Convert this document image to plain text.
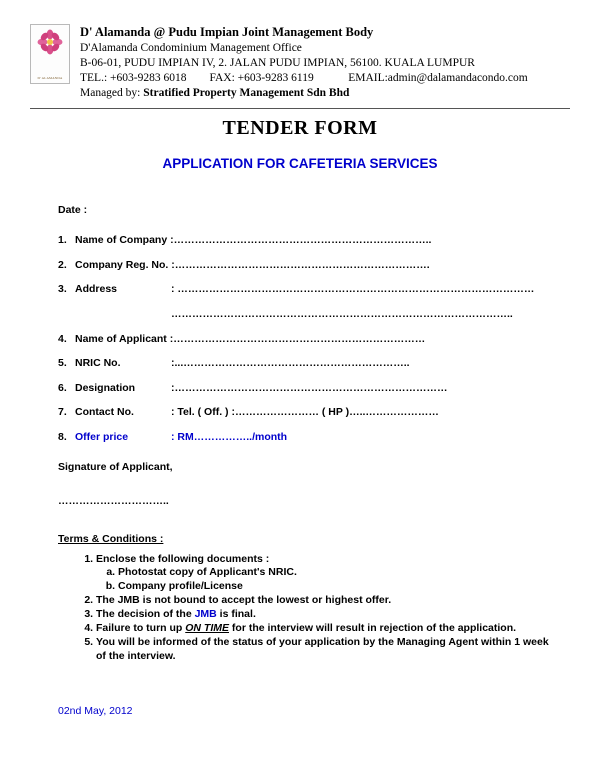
D' ALAMANDA
D' Alamanda @ Pudu Impian Joint Management Body
D'Alamanda Condominium Management Office
B-06-01, PUDU IMPIAN IV, 2. JALAN PUDU IMPIAN, 56100. KUALA LUMPUR
TEL.: +603-9283 6018        FAX: +603-9283 6119            EMAIL:admin@dalamandacondo.com
Managed by: Stratified Property Management Sdn Bhd
TENDER FORM
APPLICATION FOR CAFETERIA SERVICES
Date :
1. Name of Company : ………………………………………………………………..
2. Company Reg. No. : ……………………………………………………………….
3. Address	: …………………………………………………………………………………………
……………………………………………………………………………………..
4. Name of Applicant : ………………………………………………………………
5. NRIC No.	:...………………………………………………………..
6. Designation	:……………………………………………………………………
7. Contact No.	: Tel. ( Off. ) :…………………… ( HP )…..…………………
8. Offer price	: RM……………../month
Signature of Applicant,
…………………………..
Terms & Conditions :
1. Enclose the following documents :
a. Photostat copy of Applicant's NRIC.
b. Company profile/License
2. The JMB is not bound to accept the lowest or highest offer.
3. The decision of the JMB is final.
4. Failure to turn up ON TIME for the interview will result in rejection of the application.
5. You will be informed of the status of your application by the Managing Agent within 1 week of the interview.
02nd May, 2012
